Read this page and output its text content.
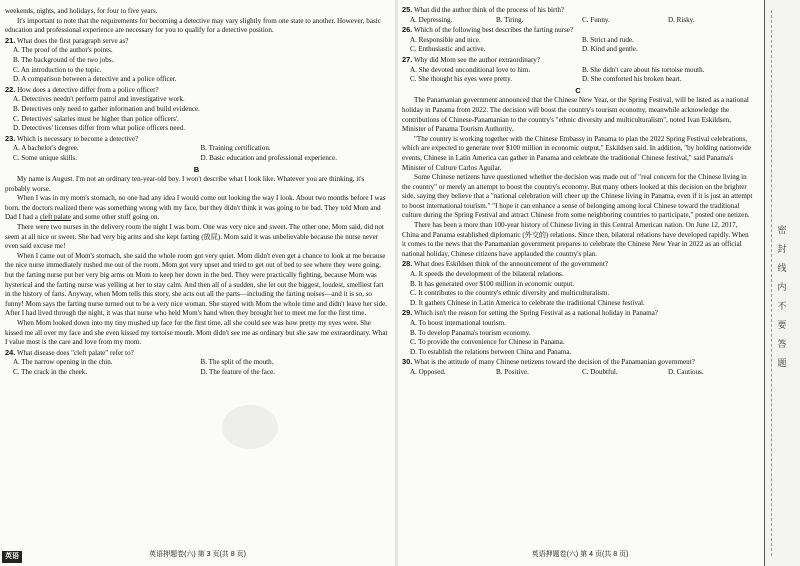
weekends, nights, and holidays, for four to five years.

It's important to note that the requirements for becoming a detective may vary slightly from one state to another. However, basic education and professional experience are necessary for you to qualify for a detective position.

21. What does the first paragraph serve as?

A. The proof of the author's points.

B. The background of the two jobs.

C. An introduction to the topic.

D. A comparison between a detective and a police officer.

22. How does a detective differ from a police officer?

A. Detectives needn't perform patrol and investigative work.

B. Detectives only need to gather information and build evidence.

C. Detectives' salaries must be higher than police officers'.

D. Detectives' licenses differ from what police officers need.

23. Which is necessary to become a detective?

A. A bachelor's degree.	B. Training certification.
C. Some unique skills.	D. Basic education and professional experience.

B

My name is August. I'm not an ordinary ten-year-old boy. I won't describe what I look like. Whatever you are thinking, it's probably worse.

When I was in my mom's stomach, no one had any idea I would come out looking the way I look. About two months before I was born, the doctors realized there was something wrong with my face, but they didn't think it was going to be bad. They told Mom and Dad I had a cleft palate and some other stuff going on.

There were two nurses in the delivery room the night I was born. One was very nice and sweet. The other one, Mom said, did not seem at all nice or sweet. She had very big arms and she kept farting (放屁). Mom said it was unbelievable because the nurse never even said excuse me!

When I came out of Mom's stomach, she said the whole room got very quiet. Mom didn't even get a chance to look at me because the nice nurse immediately rushed me out of the room. Mom got very upset and tried to get out of bed to see where they were going, but the farting nurse put her very big arms on Mom to keep her down in the bed. They were practically fighting, because Mom was hysterical and the farting nurse was yelling at her to stay calm. And then all of a sudden, she let out the biggest, loudest, smelliest fart in the history of farts. Anyway, when Mom tells this story, she acts out all the parts—including the farting noises—and it is so, so funny! Mom says the farting nurse turned out to be a very nice woman. She stayed with Mom the whole time and didn't leave her side. After I had lived through the night, it was that nurse who held Mom's hand when they brought her to meet me for the first time.

When Mom looked down into my tiny mushed up face for the first time, all she could see was how pretty my eyes were. She kissed me all over my face and she even kissed my tortoise mouth. Mom didn't see me as ordinary but she saw me extraordinary. What I value most is the care and love from my mom.

24. What disease does "cleft palate" refer to?

A. The narrow opening in the chin.	B. The split of the mouth.
C. The crack in the cheek.	D. The feature of the face.
英语押题卷(六) 第 3 页(共 8 页)
英语

25. What did the author think of the process of his birth?

A. Depressing.	B. Tiring.	C. Funny.	D. Risky.

26. Which of the following best describes the farting nurse?

A. Responsible and nice.	B. Strict and rude.
C. Enthusiastic and active.	D. Kind and gentle.

27. Why did Mom see the author extraordinary?

A. She devoted unconditional love to him.	B. She didn't care about his tortoise mouth.
C. She thought his eyes were pretty.	D. She comforted his broken heart.

C

The Panamanian government announced that the Chinese New Year, or the Spring Festival, will be listed as a national holiday in Panama from 2022. The decision will boost the country's tourism economy, meanwhile acknowledge the contributions of Chinese-Panamanian to the country's "ethnic diversity and multiculturalism", noted Ivan Eskildsen, Minister of Panama Tourism Authority.

"The country is working together with the Chinese Embassy in Panama to plan the 2022 Spring Festival celebrations, which are expected to generate over $100 million in economic output," Eskildsen said. In addition, "by holding nationwide events, Chinese in Latin America can gather in Panama and celebrate the traditional Chinese festival," said Panama's Minister of Culture Carlos Aguilar.

Some Chinese netizens have questioned whether the decision was made out of "real concern for the Chinese living in the country" or merely an attempt to boost the country's economy. But many others looked at this decision on the brighter side, saying they believe that a "national celebration will cheer up the Chinese living in Panama, even if it is just an attempt to boost international tourism." "I hope it can enhance a sense of belonging among local Chinese toward the traditional culture during the Spring Festival and attract Chinese from some neighboring countries to participate," posted one netizen.

There has been a more than 100-year history of Chinese living in this Central American nation. On June 12, 2017, China and Panama established diplomatic (外交的) relations. Since then, bilateral relations have developed rapidly. When it comes to the news that the Panamanian government prepares to celebrate the Chinese New Year in 2022 as an official national holiday, Chinese citizens have applauded the country's plan.

28. What does Eskildsen think of the announcement of the government?

A. It speeds the development of the bilateral relations.

B. It has generated over $100 million in economic output.

C. It contributes to the country's ethnic diversity and multiculturalism.

D. It gathers Chinese in Latin America to celebrate the traditional Chinese festival.

29. Which isn't the reason for setting the Spring Festival as a national holiday in Panama?

A. To boost international tourism.

B. To develop Panama's tourism economy.

C. To provide the convenience for Chinese in Panama.

D. To establish the relations between China and Panama.

30. What is the attitude of many Chinese netizens toward the decision of the Panamanian government?

A. Opposed.	B. Positive.	C. Doubtful.	D. Cautious.
英语押题卷(六) 第 4 页(共 8 页)
密
封
线
内
不
要
答
题
